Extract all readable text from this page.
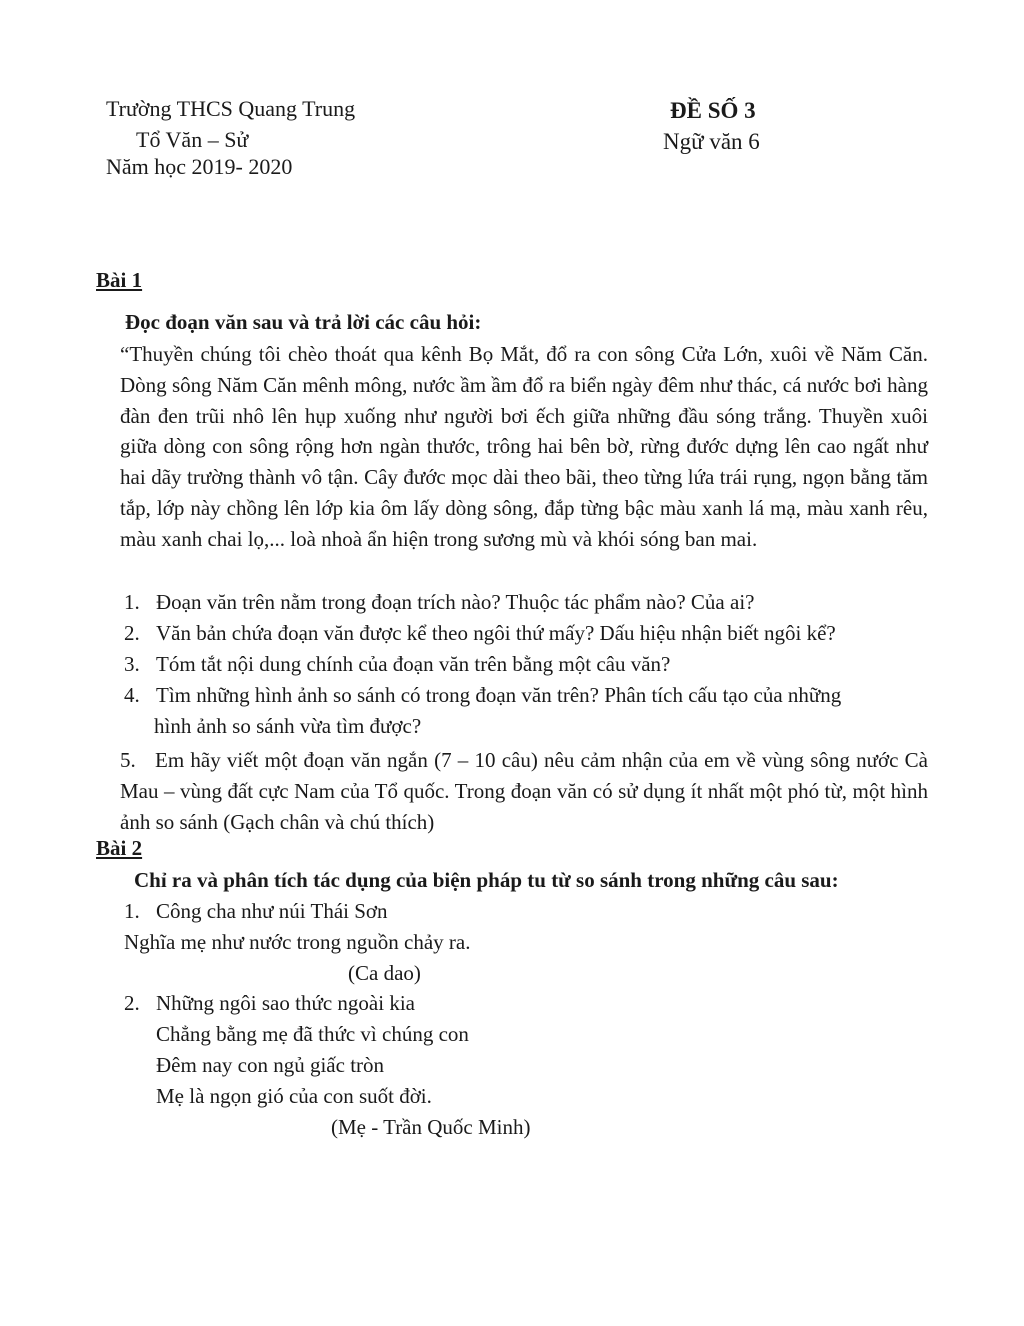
Trường THCS Quang Trung
Tổ Văn – Sử
Năm học 2019- 2020
ĐỀ SỐ 3
Ngữ văn 6
Bài 1
Đọc đoạn văn sau và trả lời các câu hỏi:
“Thuyền chúng tôi chèo thoát qua kênh Bọ Mắt, đổ ra con sông Cửa Lớn, xuôi về Năm Căn. Dòng sông Năm Căn mênh mông, nước ầm ầm đổ ra biển ngày đêm như thác, cá nước bơi hàng đàn đen trũi nhô lên hụp xuống như người bơi ếch giữa những đầu sóng trắng. Thuyền xuôi giữa dòng con sông rộng hơn ngàn thước, trông hai bên bờ, rừng đước dựng lên cao ngất như hai dãy trường thành vô tận. Cây đước mọc dài theo bãi, theo từng lứa trái rụng, ngọn bằng tăm tắp, lớp này chồng lên lớp kia ôm lấy dòng sông, đắp từng bậc màu xanh lá mạ, màu xanh rêu, màu xanh chai lọ,... loà nhoà ẩn hiện trong sương mù và khói sóng ban mai.
1. Đoạn văn trên nằm trong đoạn trích nào? Thuộc tác phẩm nào? Của ai?
2. Văn bản chứa đoạn văn được kể theo ngôi thứ mấy? Dấu hiệu nhận biết ngôi kể?
3. Tóm tắt nội dung chính của đoạn văn trên bằng một câu văn?
4. Tìm những hình ảnh so sánh có trong đoạn văn trên? Phân tích cấu tạo của những
hình ảnh so sánh vừa tìm được?
5. Em hãy viết một đoạn văn ngắn (7 – 10 câu) nêu cảm nhận của em về vùng sông nước Cà Mau – vùng đất cực Nam của Tổ quốc. Trong đoạn văn có sử dụng ít nhất một phó từ, một hình ảnh so sánh (Gạch chân và chú thích)
Bài 2
Chỉ ra và phân tích tác dụng của biện pháp tu từ so sánh trong những câu sau:
1. Công cha như núi Thái Sơn
Nghĩa mẹ như nước trong nguồn chảy ra.
(Ca dao)
2. Những ngôi sao thức ngoài kia
Chẳng bằng mẹ đã thức vì chúng con
Đêm nay con ngủ giấc tròn
Mẹ là ngọn gió của con suốt đời.
(Mẹ - Trần Quốc Minh)
